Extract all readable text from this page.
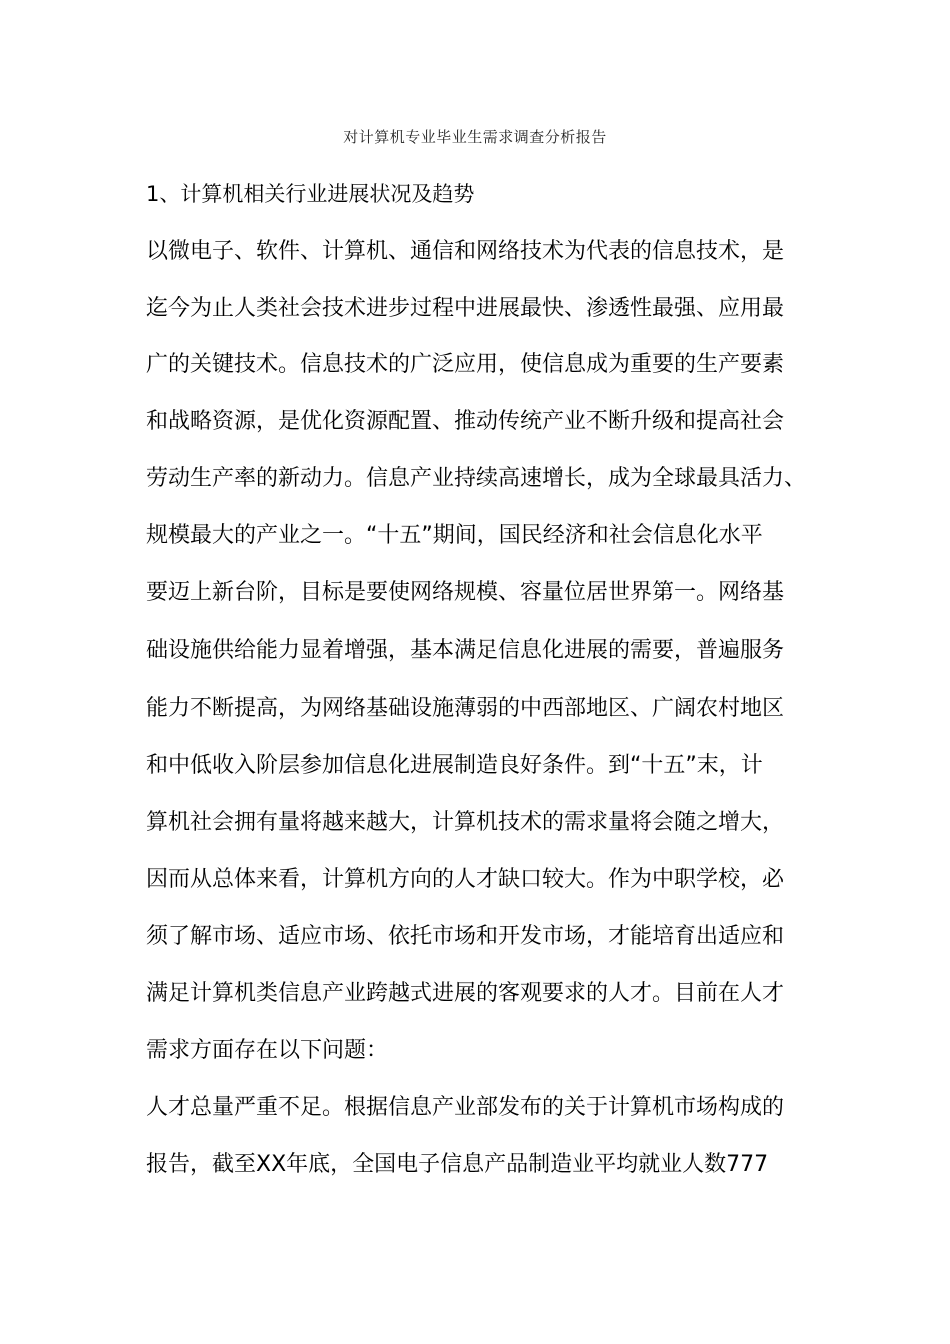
对计算机专业毕业生需求调查分析报告
1、计算机相关行业进展状况及趋势

以微电子、软件、计算机、通信和网络技术为代表的信息技术，是

迄今为止人类社会技术进步过程中进展最快、渗透性最强、应用最

广的关键技术。信息技术的广泛应用，使信息成为重要的生产要素

和战略资源，是优化资源配置、推动传统产业不断升级和提高社会

劳动生产率的新动力。信息产业持续高速增长，成为全球最具活力、

规模最大的产业之一。“十五”期间，国民经济和社会信息化水平

要迈上新台阶，目标是要使网络规模、容量位居世界第一。网络基

础设施供给能力显着增强，基本满足信息化进展的需要，普遍服务

能力不断提高，为网络基础设施薄弱的中西部地区、广阔农村地区

和中低收入阶层参加信息化进展制造良好条件。到“十五”末，计

算机社会拥有量将越来越大，计算机技术的需求量将会随之增大，

因而从总体来看，计算机方向的人才缺口较大。作为中职学校，必

须了解市场、适应市场、依托市场和开发市场，才能培育出适应和

满足计算机类信息产业跨越式进展的客观要求的人才。目前在人才

需求方面存在以下问题：

人才总量严重不足。根据信息产业部发布的关于计算机市场构成的

报告，截至XX年底，全国电子信息产品制造业平均就业人数777
